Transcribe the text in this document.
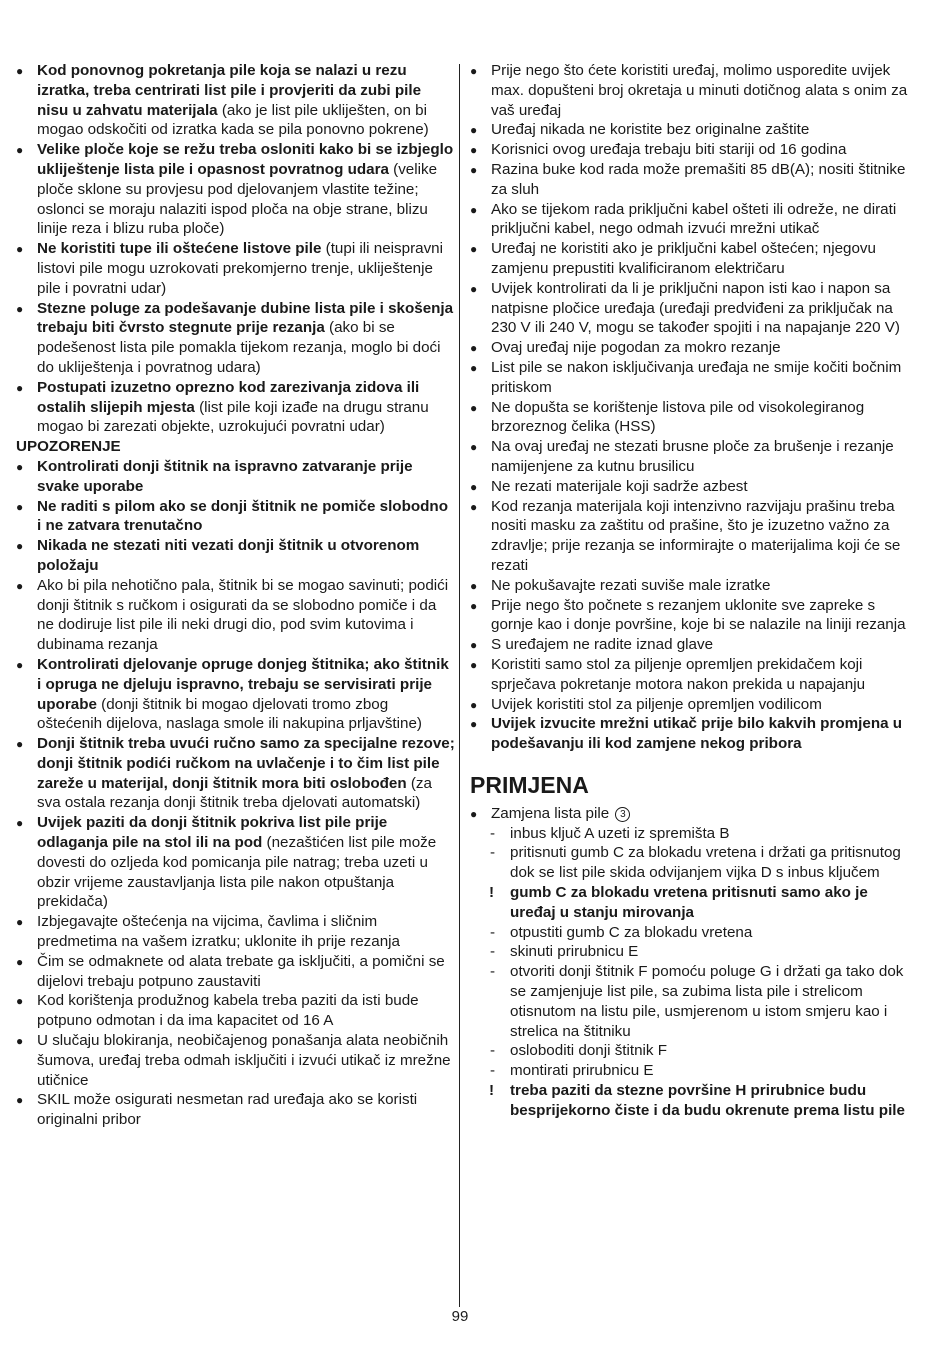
● Kod ponovnog pokretanja pile koja se nalazi u rezu izratka, treba centrirati list pile i provjeriti da zubi pile nisu u zahvatu materijala (ako je list pile ukliješten, on bi mogao odskočiti od izratka kada se pila ponovno pokrene)
● Velike ploče koje se režu treba osloniti kako bi se izbjeglo ukliještenje lista pile i opasnost povratnog udara (velike ploče sklone su provjesu pod djelovanjem vlastite težine; oslonci se moraju nalaziti ispod ploča na obje strane, blizu linije reza i blizu ruba ploče)
● Ne koristiti tupe ili oštećene listove pile (tupi ili neispravni listovi pile mogu uzrokovati prekomjerno trenje, ukliještenje pile i povratni udar)
● Stezne poluge za podešavanje dubine lista pile i skošenja trebaju biti čvrsto stegnute prije rezanja (ako bi se podešenost lista pile pomakla tijekom rezanja, moglo bi doći do ukliještenja i povratnog udara)
● Postupati izuzetno oprezno kod zarezivanja zidova ili ostalih slijepih mjesta (list pile koji izađe na drugu stranu mogao bi zarezati objekte, uzrokujući povratni udar)
UPOZORENJE
● Kontrolirati donji štitnik na ispravno zatvaranje prije svake uporabe
● Ne raditi s pilom ako se donji štitnik ne pomiče slobodno i ne zatvara trenutačno
● Nikada ne stezati niti vezati donji štitnik u otvorenom položaju
● Ako bi pila nehotično pala, štitnik bi se mogao savinuti; podići donji štitnik s ručkom i osigurati da se slobodno pomiče i da ne dodiruje list pile ili neki drugi dio, pod svim kutovima i dubinama rezanja
● Kontrolirati djelovanje opruge donjeg štitnika; ako štitnik i opruga ne djeluju ispravno, trebaju se servisirati prije uporabe (donji štitnik bi mogao djelovati tromo zbog oštećenih dijelova, naslaga smole ili nakupina prljavštine)
● Donji štitnik treba uvući ručno samo za specijalne rezove; donji štitnik podići ručkom na uvlačenje i to čim list pile zareže u materijal, donji štitnik mora biti oslobođen (za sva ostala rezanja donji štitnik treba djelovati automatski)
● Uvijek paziti da donji štitnik pokriva list pile prije odlaganja pile na stol ili na pod (nezaštićen list pile može dovesti do ozljeda kod pomicanja pile natrag; treba uzeti u obzir vrijeme zaustavljanja lista pile nakon otpuštanja prekidača)
● Izbjegavajte oštećenja na vijcima, čavlima i sličnim predmetima na vašem izratku; uklonite ih prije rezanja
● Čim se odmaknete od alata trebate ga isključiti, a pomični se dijelovi trebaju potpuno zaustaviti
● Kod korištenja produžnog kabela treba paziti da isti bude potpuno odmotan i da ima kapacitet od 16 A
● U slučaju blokiranja, neobičajenog ponašanja alata neobičnih šumova, uređaj treba odmah isključiti i izvući utikač iz mrežne utičnice
● SKIL može osigurati nesmetan rad uređaja ako se koristi originalni pribor
● Prije nego što ćete koristiti uređaj, molimo usporedite uvijek max. dopušteni broj okretaja u minuti dotičnog alata s onim za vaš uređaj
● Uređaj nikada ne koristite bez originalne zaštite
● Korisnici ovog uređaja trebaju biti stariji od 16 godina
● Razina buke kod rada može premašiti 85 dB(A); nositi štitnike za sluh
● Ako se tijekom rada priključni kabel ošteti ili odreže, ne dirati priključni kabel, nego odmah izvući mrežni utikač
● Uređaj ne koristiti ako je priključni kabel oštećen; njegovu zamjenu prepustiti kvalificiranom električaru
● Uvijek kontrolirati da li je priključni napon isti kao i napon sa natpisne pločice uređaja (uređaji predviđeni za priključak na 230 V ili 240 V, mogu se također spojiti i na napajanje 220 V)
● Ovaj uređaj nije pogodan za mokro rezanje
● List pile se nakon isključivanja uređaja ne smije kočiti bočnim pritiskom
● Ne dopušta se korištenje listova pile od visokolegiranog brzoreznog čelika (HSS)
● Na ovaj uređaj ne stezati brusne ploče za brušenje i rezanje namijenjene za kutnu brusilicu
● Ne rezati materijale koji sadrže azbest
● Kod rezanja materijala koji intenzivno razvijaju prašinu treba nositi masku za zaštitu od prašine, što je izuzetno važno za zdravlje; prije rezanja se informirajte o materijalima koji će se rezati
● Ne pokušavajte rezati suviše male izratke
● Prije nego što počnete s rezanjem uklonite sve zapreke s gornje kao i donje površine, koje bi se nalazile na liniji rezanja
● S uređajem ne radite iznad glave
● Koristiti samo stol za piljenje opremljen prekidačem koji sprječava pokretanje motora nakon prekida u napajanju
● Uvijek koristiti stol za piljenje opremljen vodilicom
● Uvijek izvucite mrežni utikač prije bilo kakvih promjena u podešavanju ili kod zamjene nekog pribora
PRIMJENA
● Zamjena lista pile 3
- inbus ključ A uzeti iz spremišta B
- pritisnuti gumb C za blokadu vretena i držati ga pritisnutog dok se list pile skida odvijanjem vijka D s inbus ključem
! gumb C za blokadu vretena pritisnuti samo ako je uređaj u stanju mirovanja
- otpustiti gumb C za blokadu vretena
- skinuti prirubnicu E
- otvoriti donji štitnik F pomoću poluge G i držati ga tako dok se zamjenjuje list pile, sa zubima lista pile i strelicom otisnutom na listu pile, usmjerenom u istom smjeru kao i strelica na štitniku
- osloboditi donji štitnik F
- montirati prirubnicu E
! treba paziti da stezne površine H prirubnice budu besprijekorno čiste i da budu okrenute prema listu pile
99
